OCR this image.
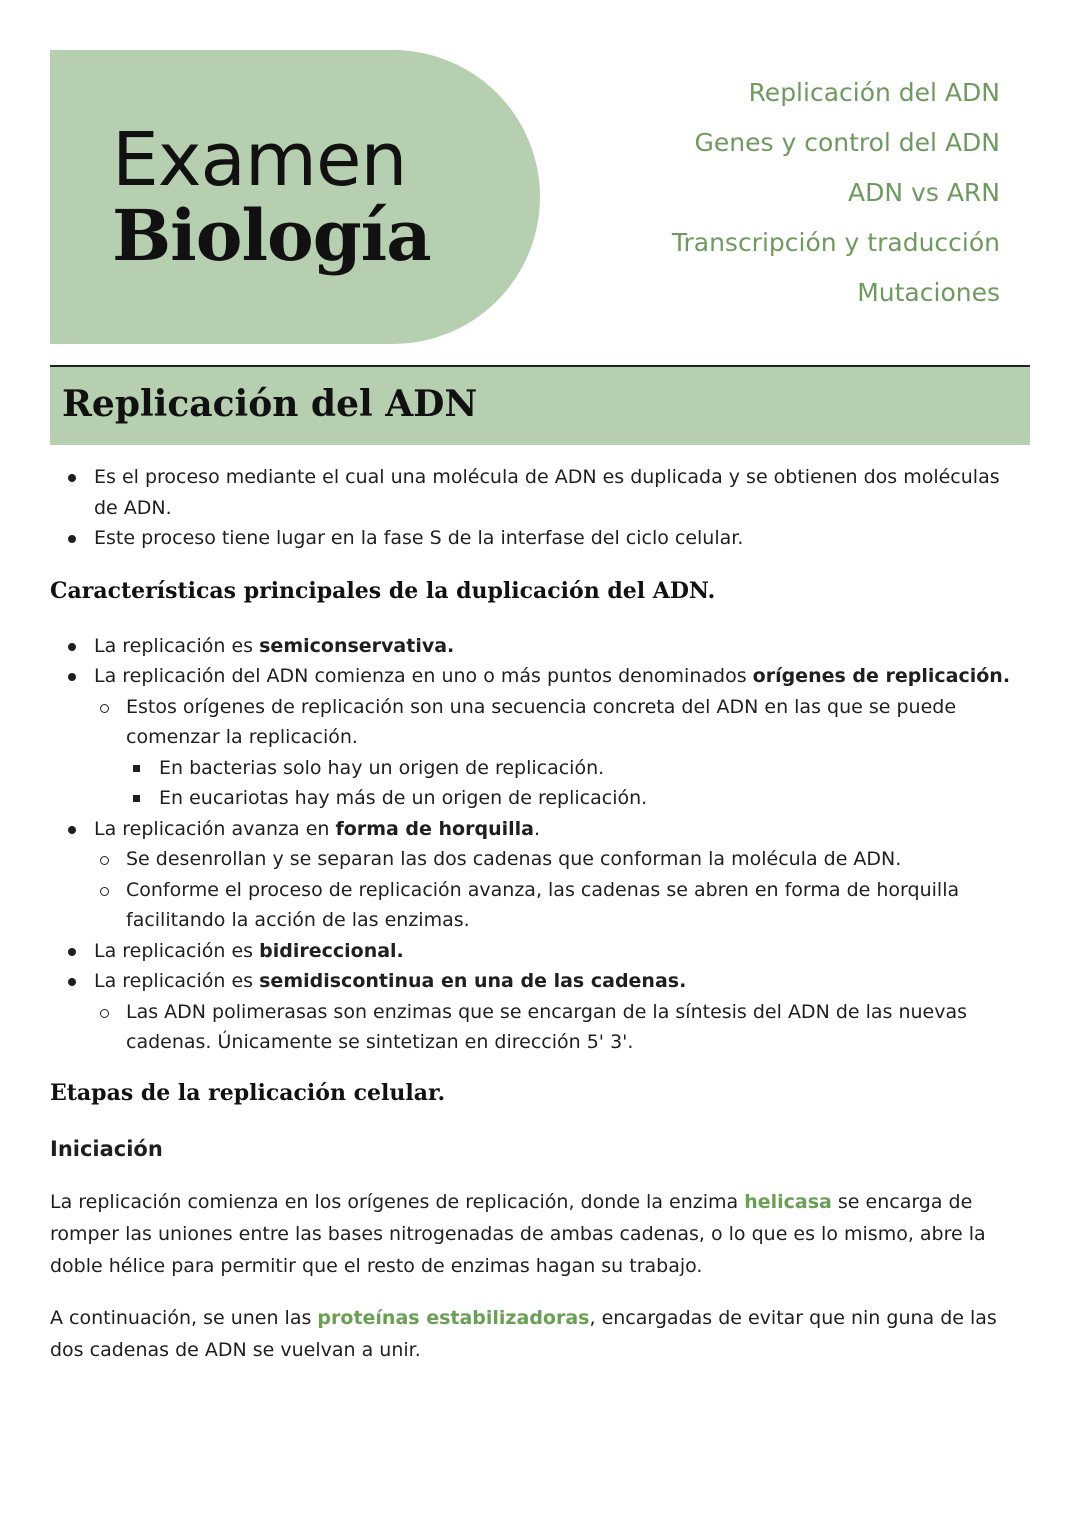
Examen
Biología
Replicación del ADN
Genes y control del ADN
ADN vs ARN
Transcripción y traducción
Mutaciones
Replicación del ADN
Es el proceso mediante el cual una molécula de ADN es duplicada y se obtienen dos moléculas de ADN.
Este proceso tiene lugar en la fase S de la interfase del ciclo celular.
Características principales de la duplicación del ADN.
La replicación es semiconservativa.
La replicación del ADN comienza en uno o más puntos denominados orígenes de replicación.
Estos orígenes de replicación son una secuencia concreta del ADN en las que se puede comenzar la replicación.
En bacterias solo hay un origen de replicación.
En eucariotas hay más de un origen de replicación.
La replicación avanza en forma de horquilla.
Se desenrollan y se separan las dos cadenas que conforman la molécula de ADN.
Conforme el proceso de replicación avanza, las cadenas se abren en forma de horquilla facilitando la acción de las enzimas.
La replicación es bidireccional.
La replicación es semidiscontinua en una de las cadenas.
Las ADN polimerasas son enzimas que se encargan de la síntesis del ADN de las nuevas cadenas. Únicamente se sintetizan en dirección 5' 3'.
Etapas de la replicación celular.
Iniciación

La replicación comienza en los orígenes de replicación, donde la enzima helicasa se encarga de romper las uniones entre las bases nitrogenadas de ambas cadenas, o lo que es lo mismo, abre la doble hélice para permitir que el resto de enzimas hagan su trabajo.

A continuación, se unen las proteínas estabilizadoras, encargadas de evitar que nin guna de las dos cadenas de ADN se vuelvan a unir.
